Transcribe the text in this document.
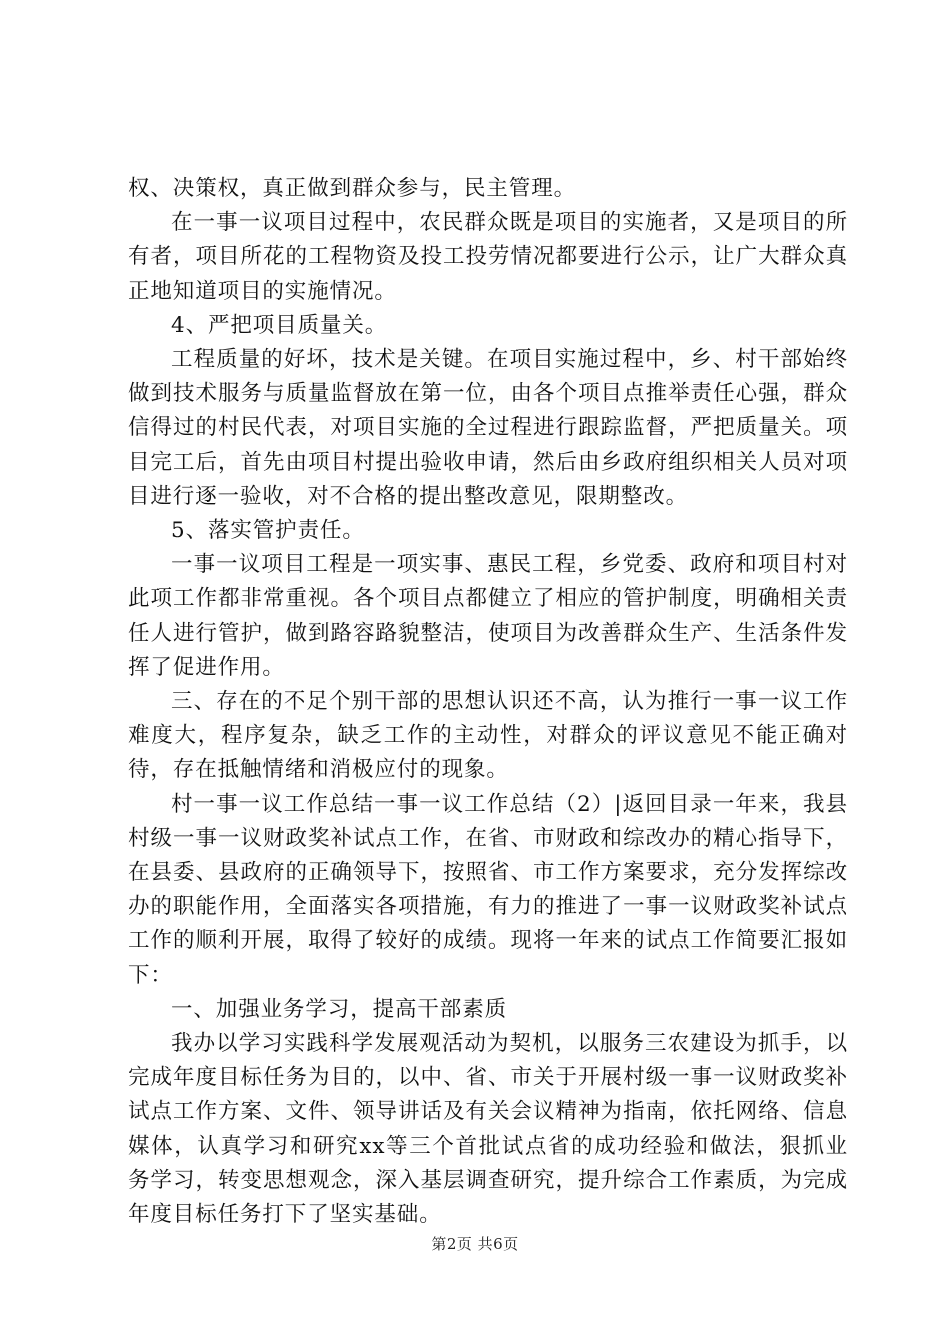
权、决策权，真正做到群众参与，民主管理。

在一事一议项目过程中，农民群众既是项目的实施者，又是项目的所有者，项目所花的工程物资及投工投劳情况都要进行公示，让广大群众真正地知道项目的实施情况。

4、严把项目质量关。

工程质量的好坏，技术是关键。在项目实施过程中，乡、村干部始终做到技术服务与质量监督放在第一位，由各个项目点推举责任心强，群众信得过的村民代表，对项目实施的全过程进行跟踪监督，严把质量关。项目完工后，首先由项目村提出验收申请，然后由乡政府组织相关人员对项目进行逐一验收，对不合格的提出整改意见，限期整改。

5、落实管护责任。

一事一议项目工程是一项实事、惠民工程，乡党委、政府和项目村对此项工作都非常重视。各个项目点都健立了相应的管护制度，明确相关责任人进行管护，做到路容路貌整洁，使项目为改善群众生产、生活条件发挥了促进作用。

三、存在的不足个别干部的思想认识还不高，认为推行一事一议工作难度大，程序复杂，缺乏工作的主动性，对群众的评议意见不能正确对待，存在抵触情绪和消极应付的现象。

村一事一议工作总结一事一议工作总结（2）|返回目录一年来，我县村级一事一议财政奖补试点工作，在省、市财政和综改办的精心指导下，在县委、县政府的正确领导下，按照省、市工作方案要求，充分发挥综改办的职能作用，全面落实各项措施，有力的推进了一事一议财政奖补试点工作的顺利开展，取得了较好的成绩。现将一年来的试点工作简要汇报如下：

一、加强业务学习，提高干部素质

我办以学习实践科学发展观活动为契机，以服务三农建设为抓手，以完成年度目标任务为目的，以中、省、市关于开展村级一事一议财政奖补试点工作方案、文件、领导讲话及有关会议精神为指南，依托网络、信息媒体，认真学习和研究xx等三个首批试点省的成功经验和做法，狠抓业务学习，转变思想观念，深入基层调查研究，提升综合工作素质，为完成年度目标任务打下了坚实基础。

第2页 共6页
